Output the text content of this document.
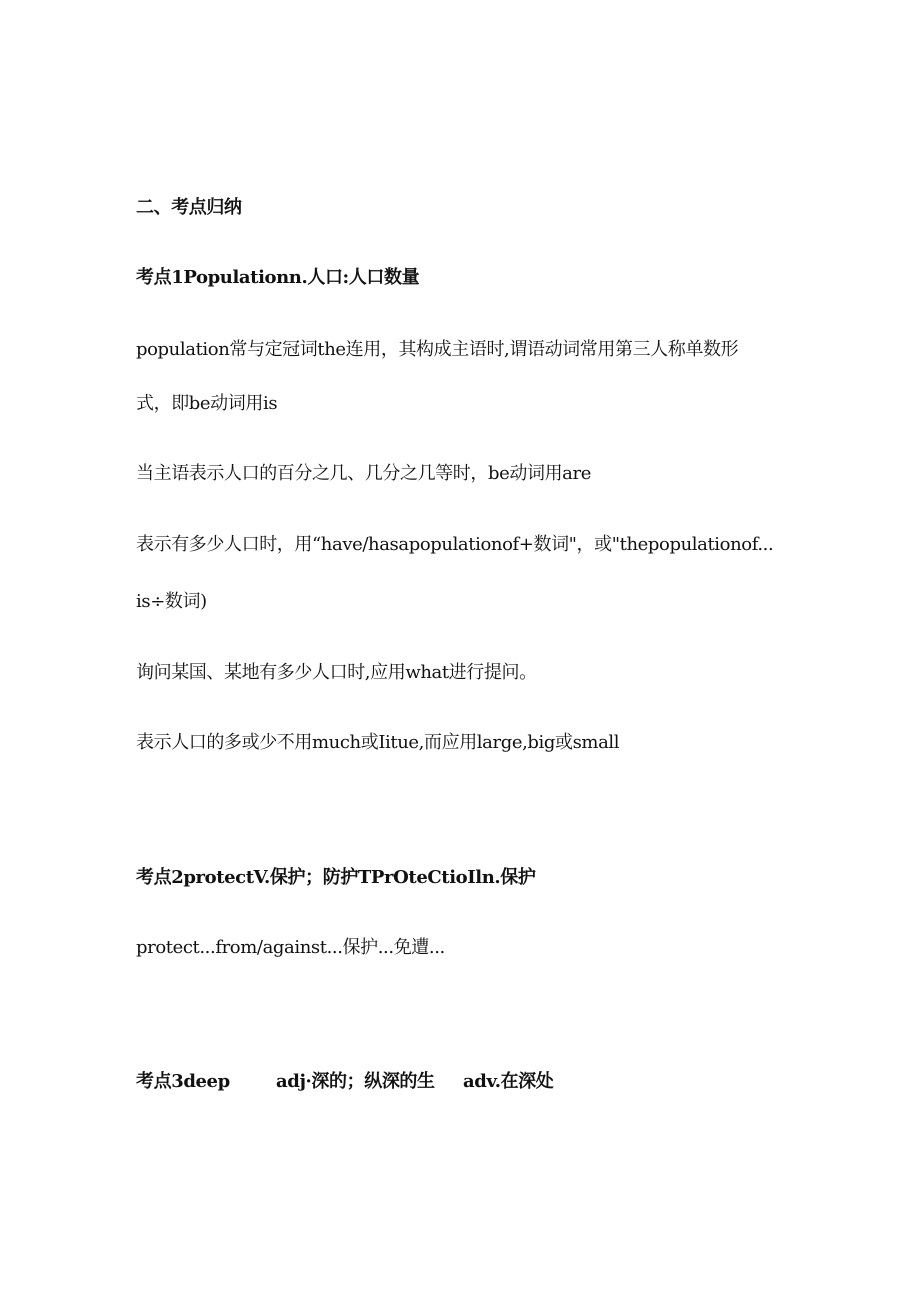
二、考点归纳
考点1Populationn.人口:人口数量
population常与定冠词the连用，其构成主语时,谓语动词常用第三人称单数形
式，即be动词用is
当主语表示人口的百分之几、几分之几等时，be动词用are
表示有多少人口时，用“have/hasapopulationof+数词"，或"thepopulationof...
is÷数词)
询问某国、某地有多少人口时,应用what进行提问。
表示人口的多或少不用much或Iitue,而应用large,big或small
考点2protectV.保护；防护TPrOteCtioIln.保护
protect...from/against...保护...免遭...
考点3deep	adj·深的；纵深的生 adv.在深处
